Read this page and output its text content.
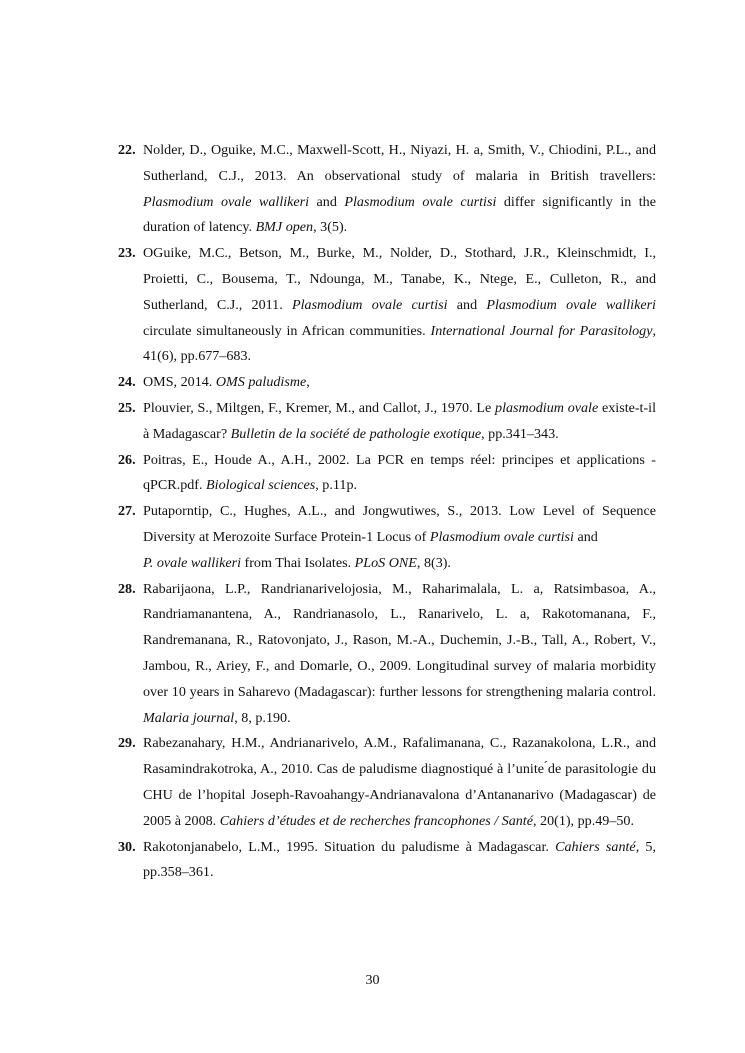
22. Nolder, D., Oguike, M.C., Maxwell-Scott, H., Niyazi, H. a, Smith, V., Chiodini, P.L., and Sutherland, C.J., 2013. An observational study of malaria in British travellers: Plasmodium ovale wallikeri and Plasmodium ovale curtisi differ significantly in the duration of latency. BMJ open, 3(5).
23. OGuike, M.C., Betson, M., Burke, M., Nolder, D., Stothard, J.R., Kleinschmidt, I., Proietti, C., Bousema, T., Ndounga, M., Tanabe, K., Ntege, E., Culleton, R., and Sutherland, C.J., 2011. Plasmodium ovale curtisi and Plasmodium ovale wallikeri circulate simultaneously in African communities. International Journal for Parasitology, 41(6), pp.677–683.
24. OMS, 2014. OMS paludisme,
25. Plouvier, S., Miltgen, F., Kremer, M., and Callot, J., 1970. Le plasmodium ovale existe-t-il à Madagascar? Bulletin de la société de pathologie exotique, pp.341–343.
26. Poitras, E., Houde A., A.H., 2002. La PCR en temps réel: principes et applications - qPCR.pdf. Biological sciences, p.11p.
27. Putaporntip, C., Hughes, A.L., and Jongwutiwes, S., 2013. Low Level of Sequence Diversity at Merozoite Surface Protein-1 Locus of Plasmodium ovale curtisi and
P. ovale wallikeri from Thai Isolates. PLoS ONE, 8(3).
28. Rabarijaona, L.P., Randrianarivelojosia, M., Raharimalala, L. a, Ratsimbasoa, A., Randriamanantena, A., Randrianasolo, L., Ranarivelo, L. a, Rakotomanana, F., Randremanana, R., Ratovonjato, J., Rason, M.-A., Duchemin, J.-B., Tall, A., Robert, V., Jambou, R., Ariey, F., and Domarle, O., 2009. Longitudinal survey of malaria morbidity over 10 years in Saharevo (Madagascar): further lessons for strengthening malaria control. Malaria journal, 8, p.190.
29. Rabezanahary, H.M., Andrianarivelo, A.M., Rafalimanana, C., Razanakolona, L.R., and Rasamindrakotroka, A., 2010. Cas de paludisme diagnostiqué à l’unite ́de parasitologie du CHU de l’hopital Joseph-Ravoahangy-Andrianavalona d’Antananarivo (Madagascar) de 2005 à 2008. Cahiers d’études et de recherches francophones / Santé, 20(1), pp.49–50.
30. Rakotonjanabelo, L.M., 1995. Situation du paludisme à Madagascar. Cahiers santé, 5, pp.358–361.
30
